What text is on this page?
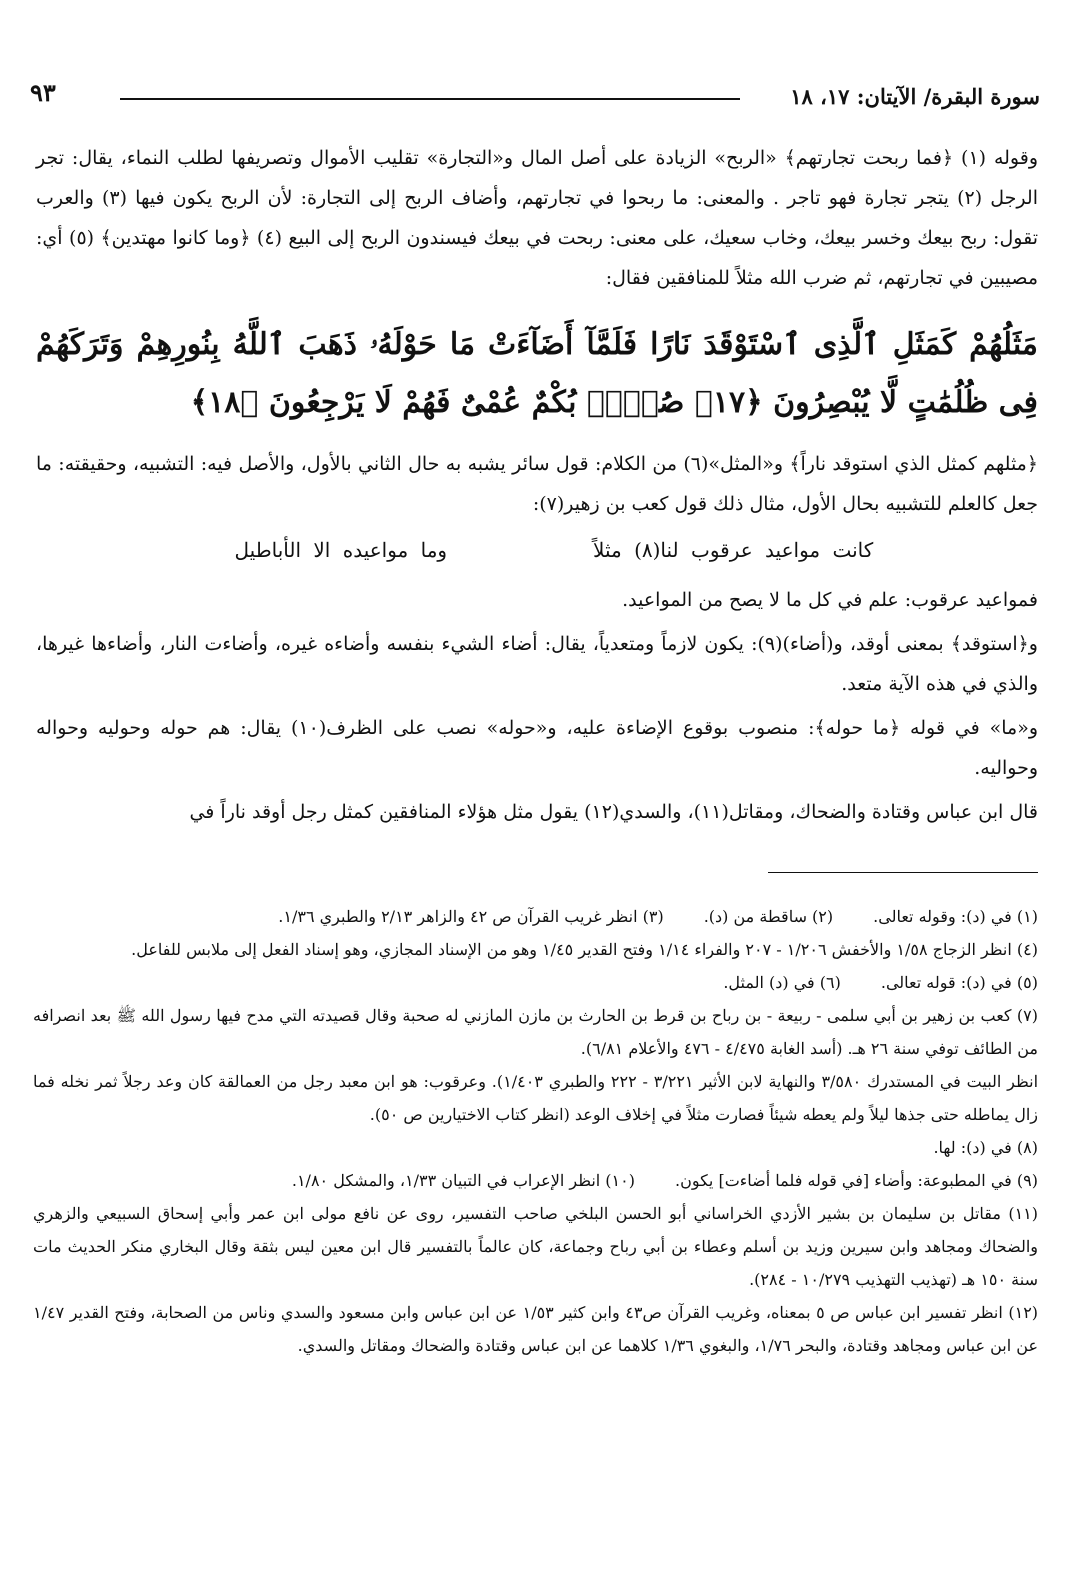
سورة البقرة/ الآيتان: ١٧، ١٨
٩٣

وقوله (١) ﴿فما ربحت تجارتهم﴾ «الربح» الزيادة على أصل المال و«التجارة» تقليب الأموال وتصريفها لطلب النماء، يقال: تجر الرجل (٢) يتجر تجارة فهو تاجر . والمعنى: ما ربحوا في تجارتهم، وأضاف الربح إلى التجارة: لأن الربح يكون فيها (٣) والعرب تقول: ربح بيعك وخسر بيعك، وخاب سعيك، على معنى: ربحت في بيعك فيسندون الربح إلى البيع (٤) ﴿وما كانوا مهتدين﴾ (٥) أي: مصيبين في تجارتهم، ثم ضرب الله مثلاً للمنافقين فقال:

مَثَلُهُمْ كَمَثَلِ ٱلَّذِى ٱسْتَوْقَدَ نَارًا فَلَمَّآ أَضَآءَتْ مَا حَوْلَهُۥ ذَهَبَ ٱللَّهُ بِنُورِهِمْ وَتَرَكَهُمْ فِى ظُلُمَٰتٍ لَّا يُبْصِرُونَ ﴿١٧﴾ صُمٌّۢ بُكْمٌ عُمْىٌ فَهُمْ لَا يَرْجِعُونَ ﴿١٨﴾

﴿مثلهم كمثل الذي استوقد ناراً﴾ و«المثل»(٦) من الكلام: قول سائر يشبه به حال الثاني بالأول، والأصل فيه: التشبيه، وحقيقته: ما جعل كالعلم للتشبيه بحال الأول، مثال ذلك قول كعب بن زهير(٧):

كانت مواعيد عرقوب لنا(٨) مثلاً وما مواعيده الا الأباطيل

فمواعيد عرقوب: علم في كل ما لا يصح من المواعيد.

و﴿استوقد﴾ بمعنى أوقد، و(أضاء)(٩): يكون لازماً ومتعدياً، يقال: أضاء الشيء بنفسه وأضاءه غيره، وأضاءت النار، وأضاءها غيرها، والذي في هذه الآية متعد.

و«ما» في قوله ﴿ما حوله﴾: منصوب بوقوع الإضاءة عليه، و«حوله» نصب على الظرف(١٠) يقال: هم حوله وحوليه وحواله وحواليه.

قال ابن عباس وقتادة والضحاك، ومقاتل(١١)، والسدي(١٢) يقول مثل هؤلاء المنافقين كمثل رجل أوقد ناراً في

(١) في (د): وقوله تعالى.
(٢) ساقطة من (د).
(٣) انظر غريب القرآن ص ٤٢ والزاهر ٢/١٣ والطبري ١/٣٦.

(٤) انظر الزجاج ١/٥٨ والأخفش ١/٢٠٦ - ٢٠٧ والفراء ١/١٤ وفتح القدير ١/٤٥ وهو من الإسناد المجازي، وهو إسناد الفعل إلى ملابس للفاعل.

(٥) في (د): قوله تعالى.
(٦) في (د) المثل.

(٧) كعب بن زهير بن أبي سلمى - ربيعة - بن رباح بن قرط بن الحارث بن مازن المازني له صحبة وقال قصيدته التي مدح فيها رسول الله ﷺ بعد انصرافه من الطائف توفي سنة ٢٦ هـ. (أسد الغابة ٤/٤٧٥ - ٤٧٦ والأعلام ٦/٨١).

انظر البيت في المستدرك ٣/٥٨٠ والنهاية لابن الأثير ٣/٢٢١ - ٢٢٢ والطبري ١/٤٠٣). وعرقوب: هو ابن معبد رجل من العمالقة كان وعد رجلاً ثمر نخله فما زال يماطله حتى جذها ليلاً ولم يعطه شيئاً فصارت مثلاً في إخلاف الوعد (انظر كتاب الاختيارين ص ٥٠).

(٨) في (د): لها.

(٩) في المطبوعة: وأضاء [في قوله فلما أضاءت] يكون.
(١٠) انظر الإعراب في التبيان ١/٣٣، والمشكل ١/٨٠.

(١١) مقاتل بن سليمان بن بشير الأزدي الخراساني أبو الحسن البلخي صاحب التفسير، روى عن نافع مولى ابن عمر وأبي إسحاق السبيعي والزهري والضحاك ومجاهد وابن سيرين وزيد بن أسلم وعطاء بن أبي رباح وجماعة، كان عالماً بالتفسير قال ابن معين ليس بثقة وقال البخاري منكر الحديث مات سنة ١٥٠ هـ (تهذيب التهذيب ١٠/٢٧٩ - ٢٨٤).

(١٢) انظر تفسير ابن عباس ص ٥ بمعناه، وغريب القرآن ص٤٣ وابن كثير ١/٥٣ عن ابن عباس وابن مسعود والسدي وناس من الصحابة، وفتح القدير ١/٤٧ عن ابن عباس ومجاهد وقتادة، والبحر ١/٧٦، والبغوي ١/٣٦ كلاهما عن ابن عباس وقتادة والضحاك ومقاتل والسدي.
